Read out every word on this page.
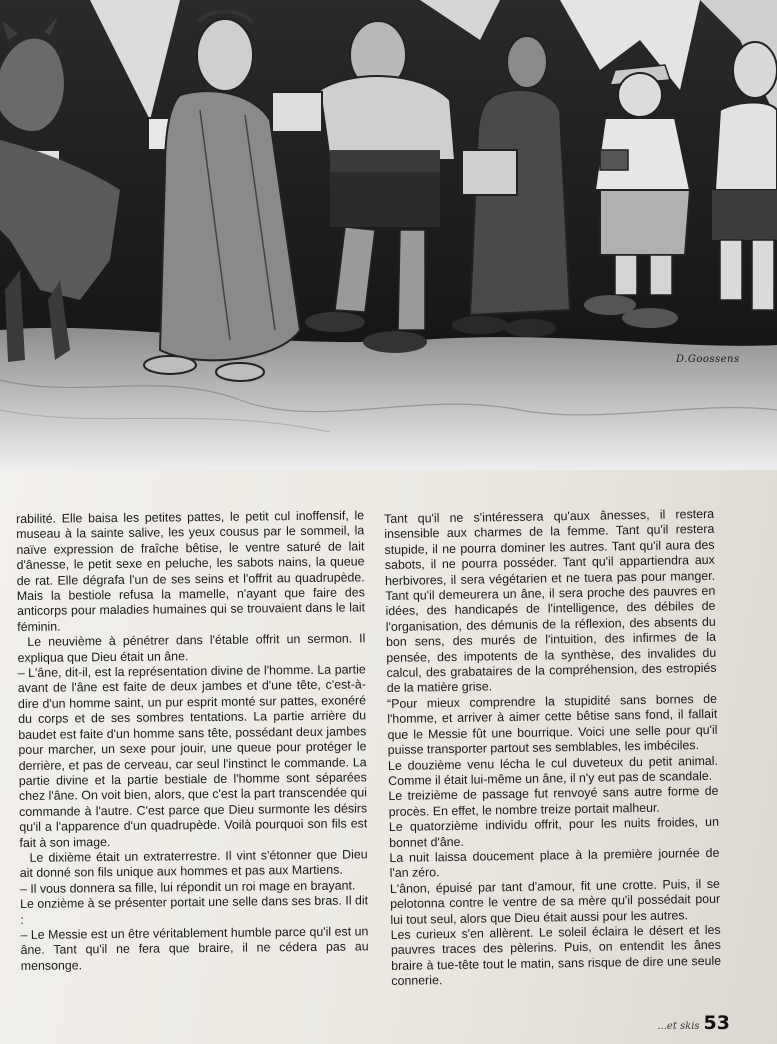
D.Goossens

rabilité. Elle baisa les petites pattes, le petit cul inoffensif, le museau à la sainte salive, les yeux cousus par le sommeil, la naïve expression de fraîche bêtise, le ventre saturé de lait d'ânesse, le petit sexe en peluche, les sabots nains, la queue de rat. Elle dégrafa l'un de ses seins et l'offrit au quadrupède. Mais la bestiole refusa la mamelle, n'ayant que faire des anticorps pour maladies humaines qui se trouvaient dans le lait féminin.

Le neuvième à pénétrer dans l'étable offrit un sermon. Il expliqua que Dieu était un âne.

– L'âne, dit-il, est la représentation divine de l'homme. La partie avant de l'âne est faite de deux jambes et d'une tête, c'est-à-dire d'un homme saint, un pur esprit monté sur pattes, exonéré du corps et de ses sombres tentations. La partie arrière du baudet est faite d'un homme sans tête, possédant deux jambes pour marcher, un sexe pour jouir, une queue pour protéger le derrière, et pas de cerveau, car seul l'instinct le commande. La partie divine et la partie bestiale de l'homme sont séparées chez l'âne. On voit bien, alors, que c'est la part transcendée qui commande à l'autre. C'est parce que Dieu surmonte les désirs qu'il a l'apparence d'un quadrupède. Voilà pourquoi son fils est fait à son image.

Le dixième était un extraterrestre. Il vint s'étonner que Dieu ait donné son fils unique aux hommes et pas aux Martiens.

– Il vous donnera sa fille, lui répondit un roi mage en brayant.

Le onzième à se présenter portait une selle dans ses bras. Il dit :

– Le Messie est un être véritablement humble parce qu'il est un âne. Tant qu'il ne fera que braire, il ne cédera pas au mensonge.

Tant qu'il ne s'intéressera qu'aux ânesses, il restera insensible aux charmes de la femme. Tant qu'il restera stupide, il ne pourra dominer les autres. Tant qu'il aura des sabots, il ne pourra posséder. Tant qu'il appartiendra aux herbivores, il sera végétarien et ne tuera pas pour manger. Tant qu'il demeurera un âne, il sera proche des pauvres en idées, des handicapés de l'intelligence, des débiles de l'organisation, des démunis de la réflexion, des absents du bon sens, des murés de l'intuition, des infirmes de la pensée, des impotents de la synthèse, des invalides du calcul, des grabataires de la compréhension, des estropiés de la matière grise.

“Pour mieux comprendre la stupidité sans bornes de l'homme, et arriver à aimer cette bêtise sans fond, il fallait que le Messie fût une bourrique. Voici une selle pour qu'il puisse transporter partout ses semblables, les imbéciles.

Le douzième venu lécha le cul duveteux du petit animal. Comme il était lui-même un âne, il n'y eut pas de scandale.

Le treizième de passage fut renvoyé sans autre forme de procès. En effet, le nombre treize portait malheur.

Le quatorzième individu offrit, pour les nuits froides, un bonnet d'âne.

La nuit laissa doucement place à la première journée de l'an zéro.

L'ânon, épuisé par tant d'amour, fit une crotte. Puis, il se pelotonna contre le ventre de sa mère qu'il possédait pour lui tout seul, alors que Dieu était aussi pour les autres.

Les curieux s'en allèrent. Le soleil éclaira le désert et les pauvres traces des pèlerins. Puis, on entendit les ânes braire à tue-tête tout le matin, sans risque de dire une seule connerie.

...et skis 53
